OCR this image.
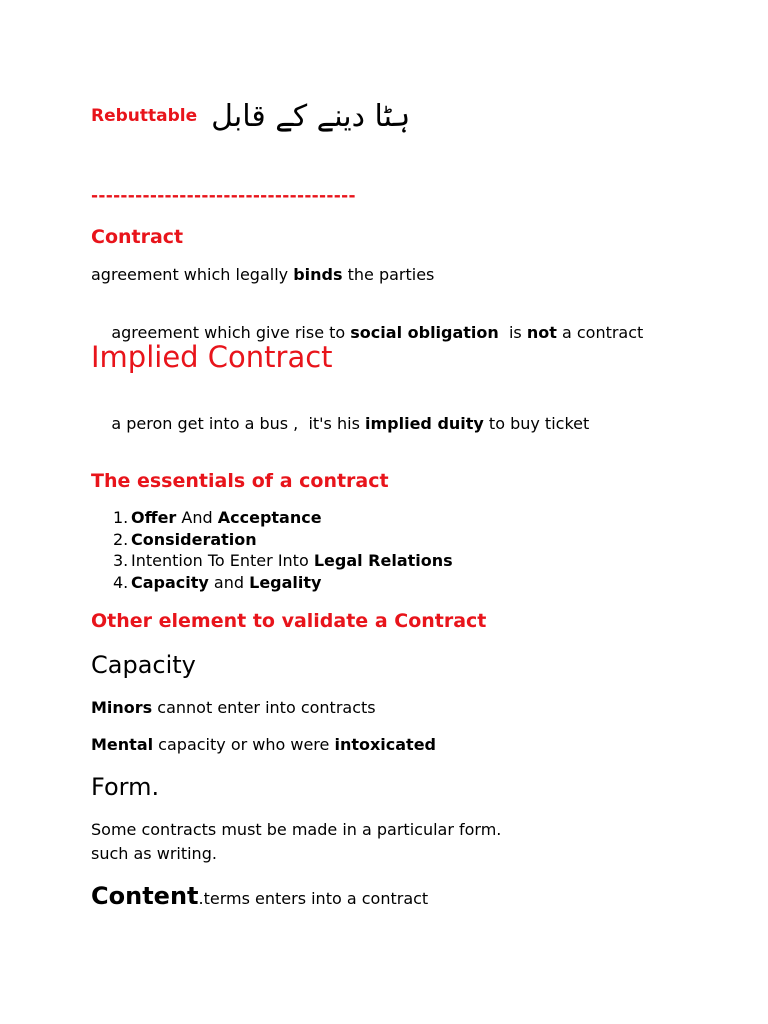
Rebuttable ہٹا دینے کے قابل
------------------------------------
Contract
agreement which legally binds the parties

agreement which give rise to social obligation  is not a contract

Implied Contract

a peron get into a bus ,  it's his implied duity to buy ticket

The essentials of a contract
1. Offer And Acceptance
2. Consideration
3. Intention To Enter Into Legal Relations
4. Capacity and Legality
Other element to validate a Contract
Capacity
Minors cannot enter into contracts
Mental capacity or who were intoxicated
Form.
Some contracts must be made in a particular form.
such as writing.
Content.terms enters into a contract
